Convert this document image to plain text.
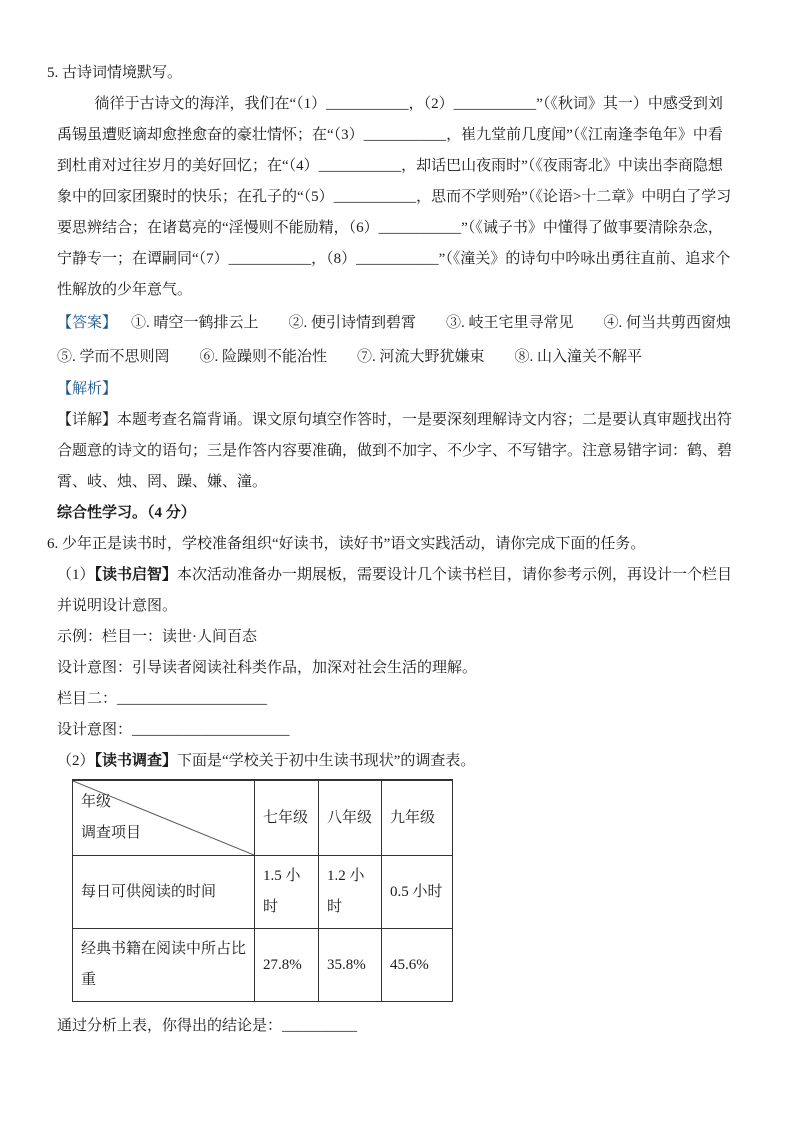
5. 古诗词情境默写。

徜徉于古诗文的海洋，我们在“（1）___________，（2）___________”（《秋词》其一）中感受到刘禹锡虽遭贬谪却愈挫愈奋的豪壮情怀；在“（3）___________，崔九堂前几度闻”（《江南逢李龟年》中看到杜甫对过往岁月的美好回忆；在“（4）___________，却话巴山夜雨时”（《夜雨寄北》中读出李商隐想象中的回家团聚时的快乐；在孔子的“（5）___________，思而不学则殆”（《论语>十二章》中明白了学习要思辨结合；在诸葛亮的“淫慢则不能励精，（6）___________”（《诫子书》中懂得了做事要清除杂念，宁静专一；在谭嗣同“（7）___________，（8）___________”（《潼关》的诗句中吟咏出勇往直前、追求个性解放的少年意气。

【答案】 ①. 晴空一鹤排云上　　②. 便引诗情到碧霄　　③. 岐王宅里寻常见　　④. 何当共剪西窗烛　　⑤. 学而不思则罔　　⑥. 险躁则不能冶性　　⑦. 河流大野犹嫌束　　⑧. 山入潼关不解平

【解析】

【详解】本题考查名篇背诵。课文原句填空作答时，一是要深刻理解诗文内容；二是要认真审题找出符合题意的诗文的语句；三是作答内容要准确，做到不加字、不少字、不写错字。注意易错字词：鹤、碧霄、岐、烛、罔、躁、嫌、潼。

综合性学习。（4 分）

6. 少年正是读书时，学校准备组织“好读书，读好书”语文实践活动，请你完成下面的任务。

（1）【读书启智】本次活动准备办一期展板，需要设计几个读书栏目，请你参考示例，再设计一个栏目并说明设计意图。

示例：栏目一：读世·人间百态

设计意图：引导读者阅读社科类作品，加深对社会生活的理解。

栏目二：____________________

设计意图：_____________________

（2）【读书调查】下面是“学校关于初中生读书现状”的调查表。

年级
调查项目	七年级	八年级	九年级
每日可供阅读的时间	1.5 小时	1.2 小时	0.5 小时
经典书籍在阅读中所占比重	27.8%	35.8%	45.6%

通过分析上表，你得出的结论是：__________
